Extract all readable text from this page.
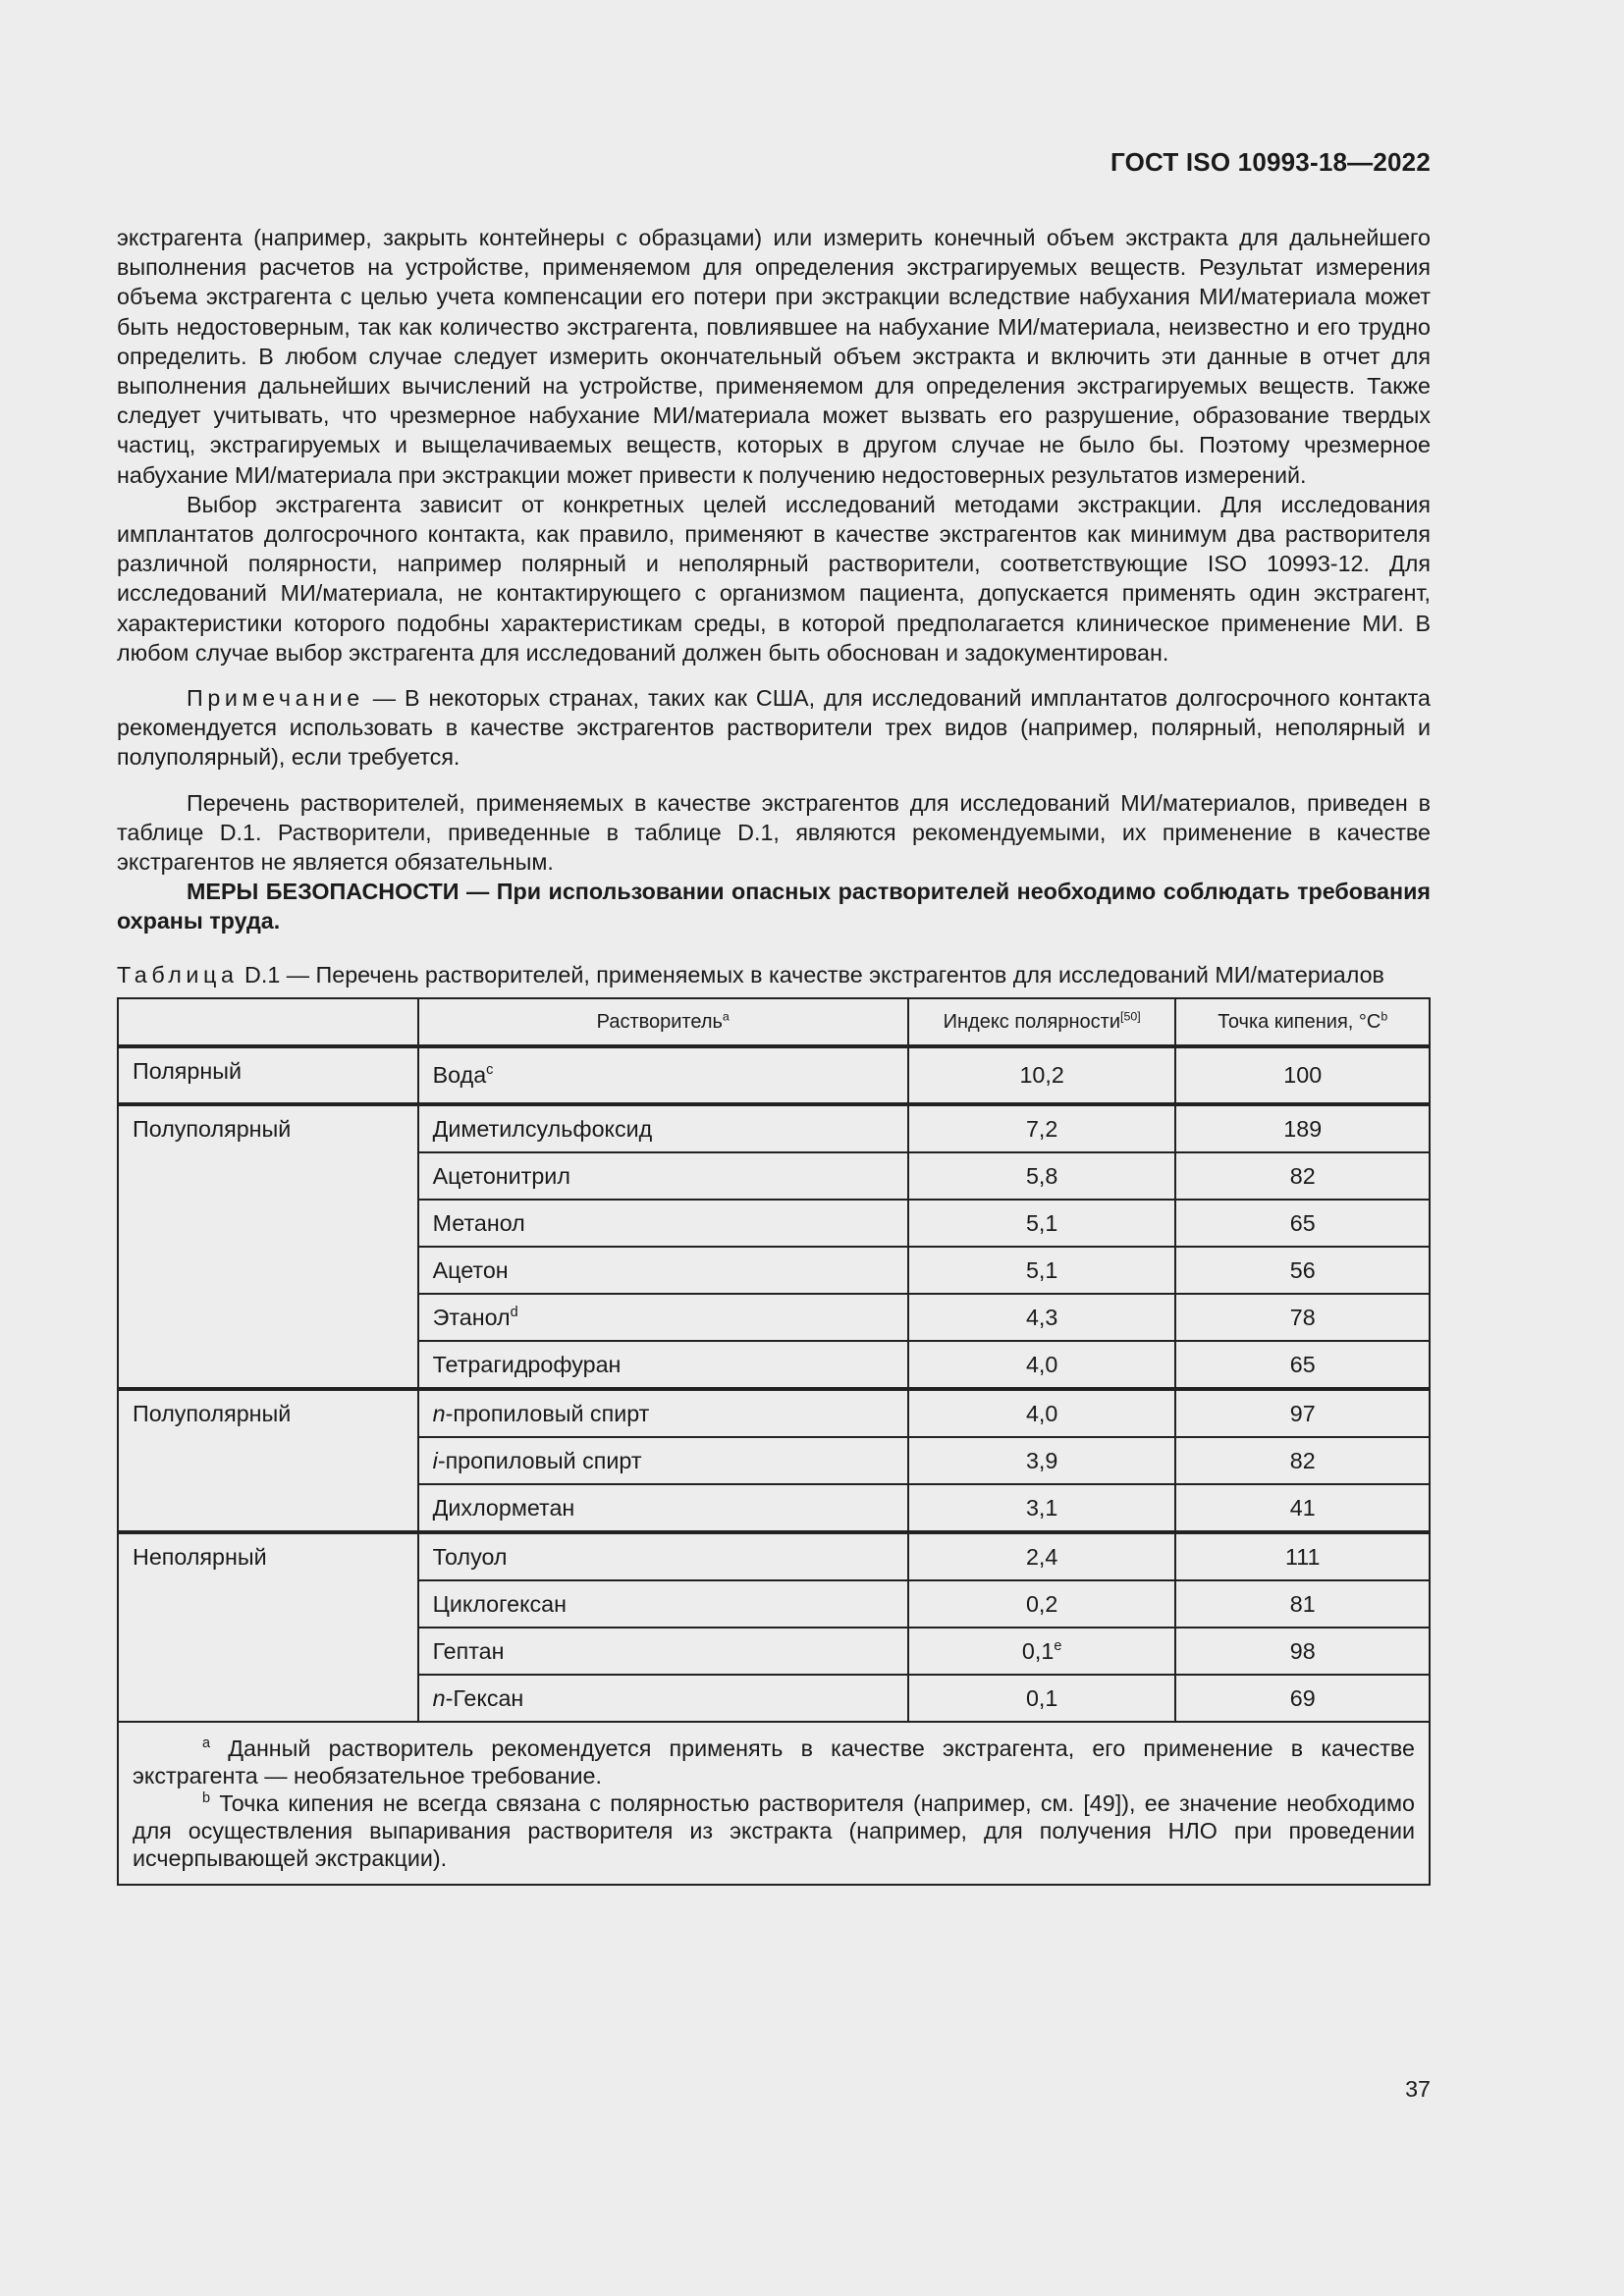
ГОСТ ISO 10993-18—2022

экстрагента (например, закрыть контейнеры с образцами) или измерить конечный объем экстракта для дальнейшего выполнения расчетов на устройстве, применяемом для определения экстрагируемых веществ. Результат измерения объема экстрагента с целью учета компенсации его потери при экстракции вследствие набухания МИ/материала может быть недостоверным, так как количество экстрагента, повлиявшее на набухание МИ/материала, неизвестно и его трудно определить. В любом случае следует измерить окончательный объем экстракта и включить эти данные в отчет для выполнения дальнейших вычислений на устройстве, применяемом для определения экстрагируемых веществ. Также следует учитывать, что чрезмерное набухание МИ/материала может вызвать его разрушение, образование твердых частиц, экстрагируемых и выщелачиваемых веществ, которых в другом случае не было бы. Поэтому чрезмерное набухание МИ/материала при экстракции может привести к получению недостоверных результатов измерений.

Выбор экстрагента зависит от конкретных целей исследований методами экстракции. Для исследования имплантатов долгосрочного контакта, как правило, применяют в качестве экстрагентов как минимум два растворителя различной полярности, например полярный и неполярный растворители, соответствующие ISO 10993-12. Для исследований МИ/материала, не контактирующего с организмом пациента, допускается применять один экстрагент, характеристики которого подобны характеристикам среды, в которой предполагается клиническое применение МИ. В любом случае выбор экстрагента для исследований должен быть обоснован и задокументирован.

Примечание — В некоторых странах, таких как США, для исследований имплантатов долгосрочного контакта рекомендуется использовать в качестве экстрагентов растворители трех видов (например, полярный, неполярный и полуполярный), если требуется.

Перечень растворителей, применяемых в качестве экстрагентов для исследований МИ/материалов, приведен в таблице D.1. Растворители, приведенные в таблице D.1, являются рекомендуемыми, их применение в качестве экстрагентов не является обязательным.

МЕРЫ БЕЗОПАСНОСТИ — При использовании опасных растворителей необходимо соблюдать требования охраны труда.

Таблица D.1 — Перечень растворителей, применяемых в качестве экстрагентов для исследований МИ/материалов

	Растворитель$^a$	Индекс полярности[50]	Точка кипения, $^\circ C^b$
Полярный	Вода$^c$	10,2	100
Полуполярный	Диметилсульфоксид	7,2	189
	Ацетонитрил	5,8	82
	Метанол	5,1	65
	Ацетон	5,1	56
	Этанол$^d$	4,3	78
	Тетрагидрофуран	4,0	65
Полуполярный	n-пропиловый спирт	4,0	97
	i-пропиловый спирт	3,9	82
	Дихлорметан	3,1	41
Неполярный	Толуол	2,4	111
	Циклогексан	0,2	81
	Гептан	0,1e	98
	n-Гексан	0,1	69

$^a$ Данный растворитель рекомендуется применять в качестве экстрагента, его применение в качестве экстрагента — необязательное требование.

$^b$ Точка кипения не всегда связана с полярностью растворителя (например, см. [49]), ее значение необходимо для осуществления выпаривания растворителя из экстракта (например, для получения НЛО при проведении исчерпывающей экстракции).			

37
